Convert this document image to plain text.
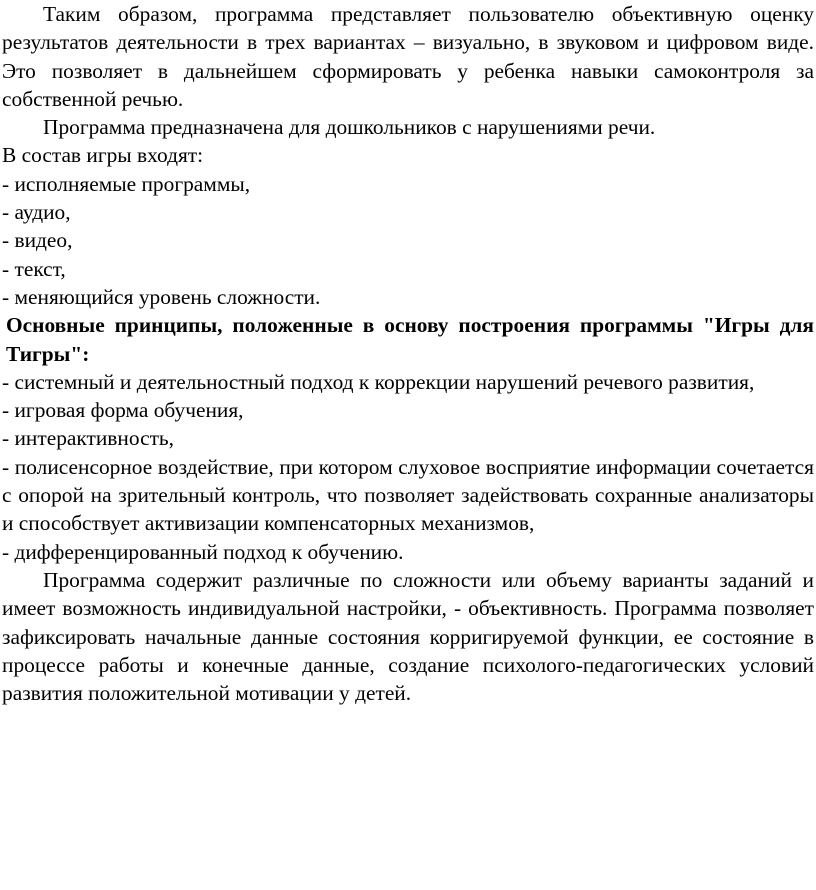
Таким образом, программа представляет пользователю объективную оценку результатов деятельности в трех вариантах – визуально, в звуковом и цифровом виде. Это позволяет в дальнейшем сформировать у ребенка навыки самоконтроля за собственной речью.

Программа предназначена для дошкольников с нарушениями речи.

В состав игры входят:

- исполняемые программы,

- аудио,

- видео,

- текст,

- меняющийся уровень сложности.

Основные принципы, положенные в основу построения программы "Игры для Тигры":

- системный и деятельностный подход к коррекции нарушений речевого развития,

- игровая форма обучения,

- интерактивность,

- полисенсорное воздействие, при котором слуховое восприятие информации сочетается с опорой на зрительный контроль, что позволяет задействовать сохранные анализаторы и способствует активизации компенсаторных механизмов,

- дифференцированный подход к обучению.

Программа содержит различные по сложности или объему варианты заданий и имеет возможность индивидуальной настройки, - объективность. Программа позволяет зафиксировать начальные данные состояния корригируемой функции, ее состояние в процессе работы и конечные данные, создание психолого-педагогических условий развития положительной мотивации у детей.
